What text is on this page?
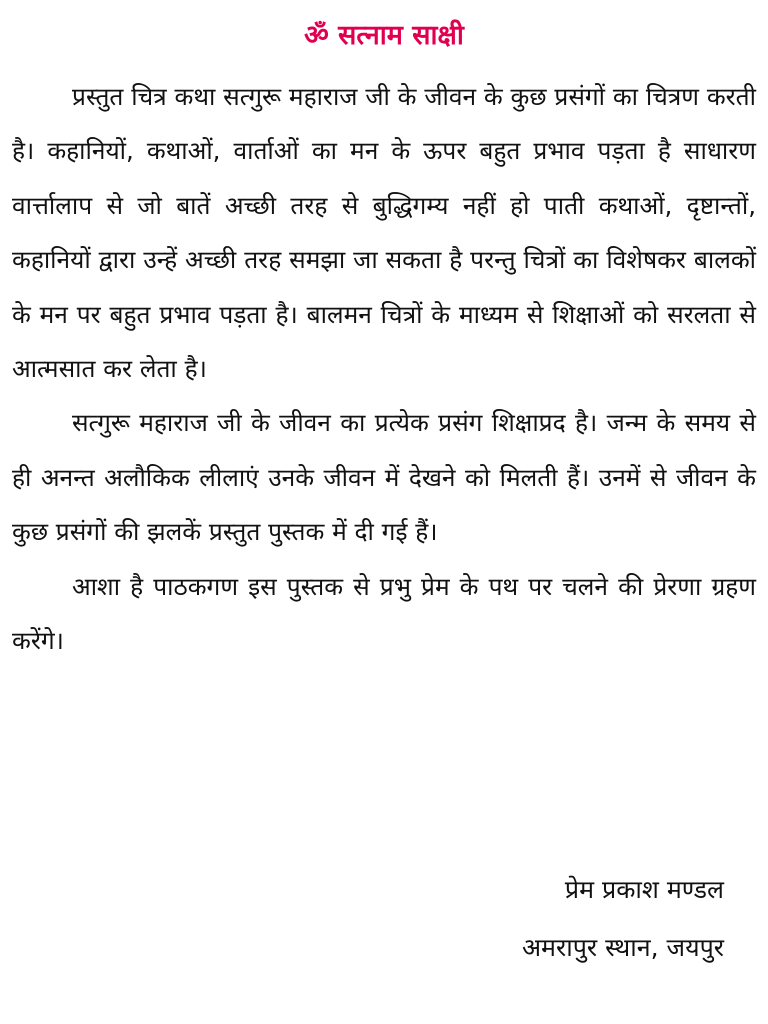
ॐ सत्नाम साक्षी

प्रस्तुत चित्र कथा सत्गुरू महाराज जी के जीवन के कुछ प्रसंगों का चित्रण करती है। कहानियों, कथाओं, वार्ताओं का मन के ऊपर बहुत प्रभाव पड़ता है साधारण वार्त्तालाप से जो बातें अच्छी तरह से बुद्धिगम्य नहीं हो पाती कथाओं, दृष्टान्तों, कहानियों द्वारा उन्हें अच्छी तरह समझा जा सकता है परन्तु चित्रों का विशेषकर बालकों के मन पर बहुत प्रभाव पड़ता है। बालमन चित्रों के माध्यम से शिक्षाओं को सरलता से आत्मसात कर लेता है।

सत्गुरू महाराज जी के जीवन का प्रत्येक प्रसंग शिक्षाप्रद है। जन्म के समय से ही अनन्त अलौकिक लीलाएं उनके जीवन में देखने को मिलती हैं। उनमें से जीवन के कुछ प्रसंगों की झलकें प्रस्तुत पुस्तक में दी गई हैं।

आशा है पाठकगण इस पुस्तक से प्रभु प्रेम के पथ पर चलने की प्रेरणा ग्रहण करेंगे।

प्रेम प्रकाश मण्डल

अमरापुर स्थान, जयपुर
